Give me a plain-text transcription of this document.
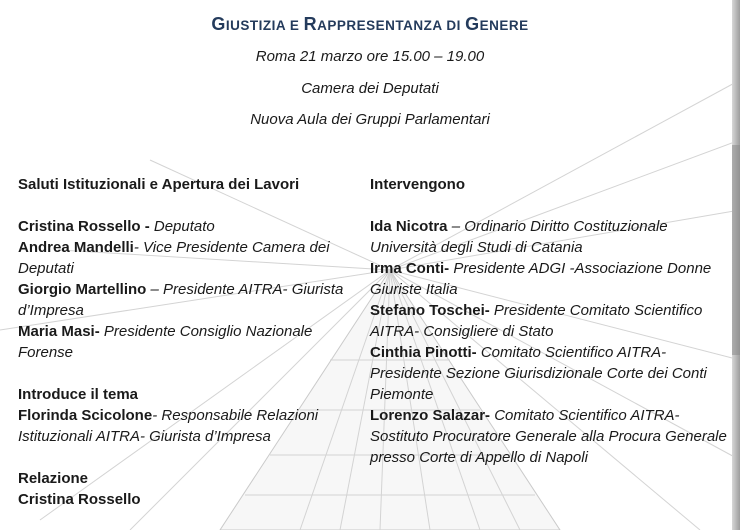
GIUSTIZIA E RAPPRESENTANZA DI GENERE

Roma 21 marzo ore 15.00 – 19.00

Camera dei Deputati

Nuova Aula dei Gruppi Parlamentari

Saluti Istituzionali e Apertura dei Lavori

Cristina Rossello - Deputato

Andrea Mandelli- Vice Presidente Camera dei Deputati

Giorgio Martellino – Presidente AITRA- Giurista d’Impresa

Maria Masi- Presidente Consiglio Nazionale Forense

Introduce il tema

Florinda Scicolone- Responsabile Relazioni Istituzionali AITRA- Giurista d’Impresa

Relazione

Cristina Rossello

Intervengono

Ida Nicotra – Ordinario Diritto Costituzionale Università degli Studi di Catania

Irma Conti- Presidente ADGI -Associazione Donne Giuriste Italia

Stefano Toschei- Presidente Comitato Scientifico AITRA- Consigliere di Stato

Cinthia Pinotti- Comitato Scientifico AITRA- Presidente Sezione Giurisdizionale Corte dei Conti Piemonte

Lorenzo Salazar- Comitato Scientifico AITRA- Sostituto Procuratore Generale alla Procura Generale presso Corte di Appello di Napoli
